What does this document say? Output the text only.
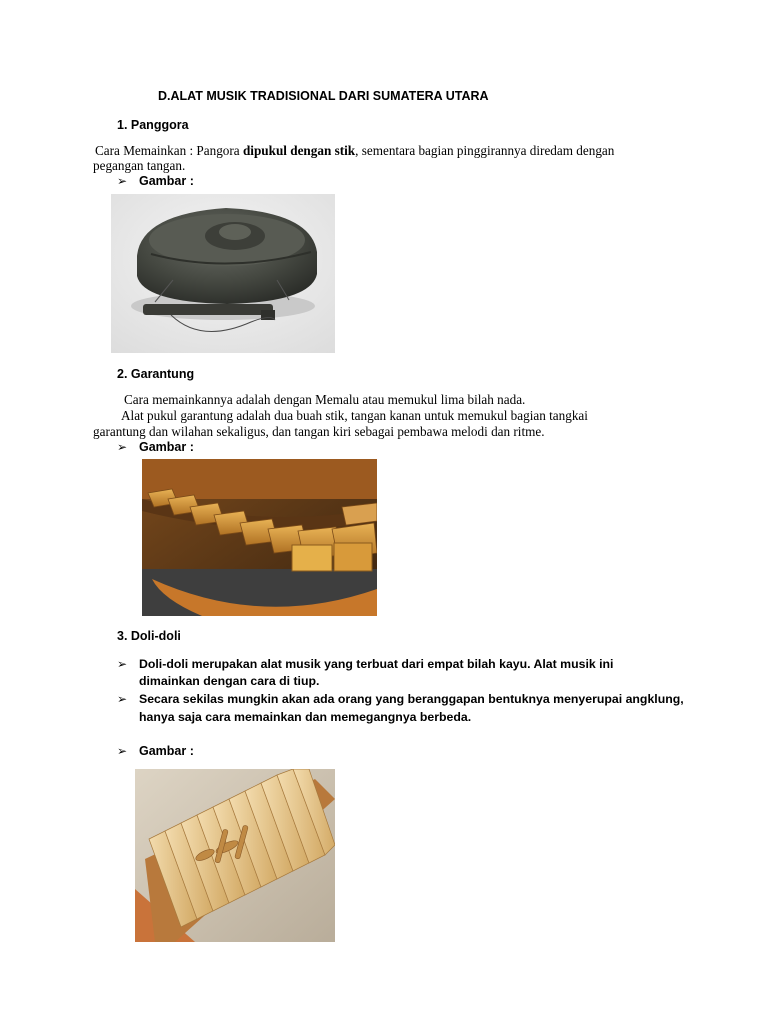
D.ALAT MUSIK TRADISIONAL DARI SUMATERA UTARA
1. Panggora
Cara Memainkan : Pangora dipukul dengan stik, sementara bagian pinggirannya diredam dengan
pegangan tangan.
➢ Gambar :
2. Garantung
Cara memainkannya adalah dengan Memalu atau memukul lima bilah nada.
Alat pukul garantung adalah dua buah stik, tangan kanan untuk memukul bagian tangkai
garantung dan wilahan sekaligus, dan tangan kiri sebagai pembawa melodi dan ritme.
➢ Gambar :
3. Doli-doli
➢ Doli-doli merupakan alat musik yang terbuat dari empat bilah kayu. Alat musik ini
dimainkan dengan cara di tiup.
➢ Secara sekilas mungkin akan ada orang yang beranggapan bentuknya menyerupai angklung,
hanya saja cara memainkan dan memegangnya berbeda.
➢ Gambar :
